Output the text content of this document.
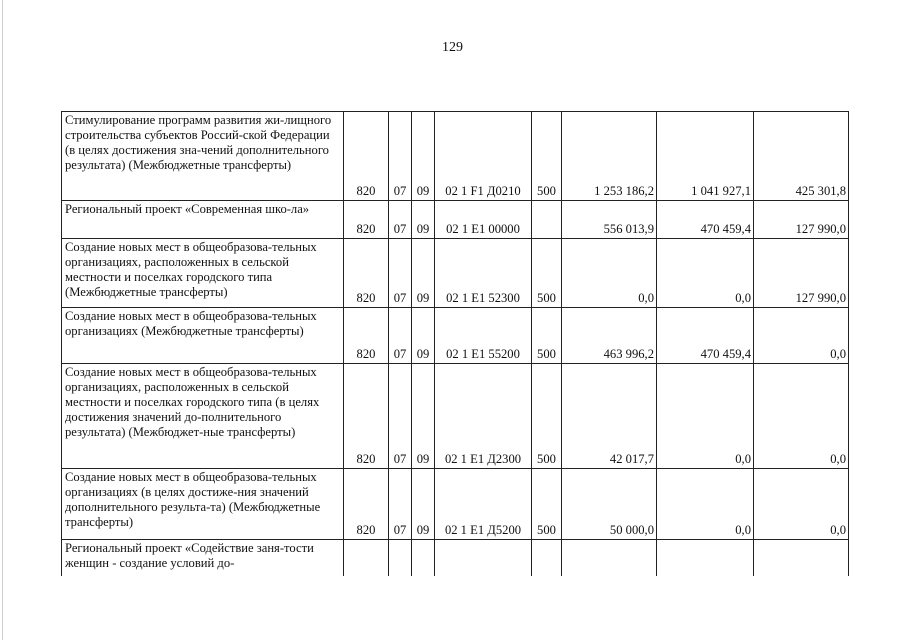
129
Стимулирование программ развития жи-лищного строительства субъектов Россий-ской Федерации (в целях достижения зна-чений дополнительного результата) (Межбюджетные трансферты)	820	07	09	02 1 F1 Д0210	500	1 253 186,2	1 041 927,1	425 301,8
Региональный проект «Современная шко-ла»	820	07	09	02 1 E1 00000		556 013,9	470 459,4	127 990,0
Создание новых мест в общеобразова-тельных организациях, расположенных в сельской местности и поселках городского типа (Межбюджетные трансферты)	820	07	09	02 1 E1 52300	500	0,0	0,0	127 990,0
Создание новых мест в общеобразова-тельных организациях (Межбюджетные трансферты)	820	07	09	02 1 E1 55200	500	463 996,2	470 459,4	0,0
Создание новых мест в общеобразова-тельных организациях, расположенных в сельской местности и поселках городского типа (в целях достижения значений до-полнительного результата) (Межбюджет-ные трансферты)	820	07	09	02 1 E1 Д2300	500	42 017,7	0,0	0,0
Создание новых мест в общеобразова-тельных организациях (в целях достиже-ния значений дополнительного результа-та) (Межбюджетные трансферты)	820	07	09	02 1 E1 Д5200	500	50 000,0	0,0	0,0
Региональный проект «Содействие заня-тости женщин - создание условий до-								
